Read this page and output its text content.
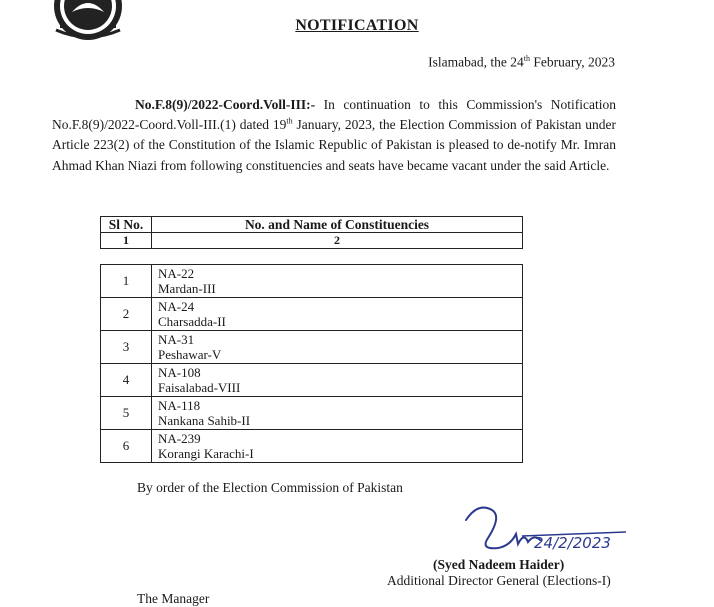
NOTIFICATION
Islamabad, the 24th February, 2023
No.F.8(9)/2022-Coord.Voll-III:- In continuation to this Commission's Notification No.F.8(9)/2022-Coord.Voll-III.(1) dated 19th January, 2023, the Election Commission of Pakistan under Article 223(2) of the Constitution of the Islamic Republic of Pakistan is pleased to de-notify Mr. Imran Ahmad Khan Niazi from following constituencies and seats have became vacant under the said Article.
Sl No.	No. and Name of Constituencies
1	2
1	NA-22
Mardan-III
2	NA-24
Charsadda-II
3	NA-31
Peshawar-V
4	NA-108
Faisalabad-VIII
5	NA-118
Nankana Sahib-II
6	NA-239
Korangi Karachi-I
By order of the Election Commission of Pakistan
24/2/2023
(Syed Nadeem Haider)
Additional Director General (Elections-I)
The Manager
